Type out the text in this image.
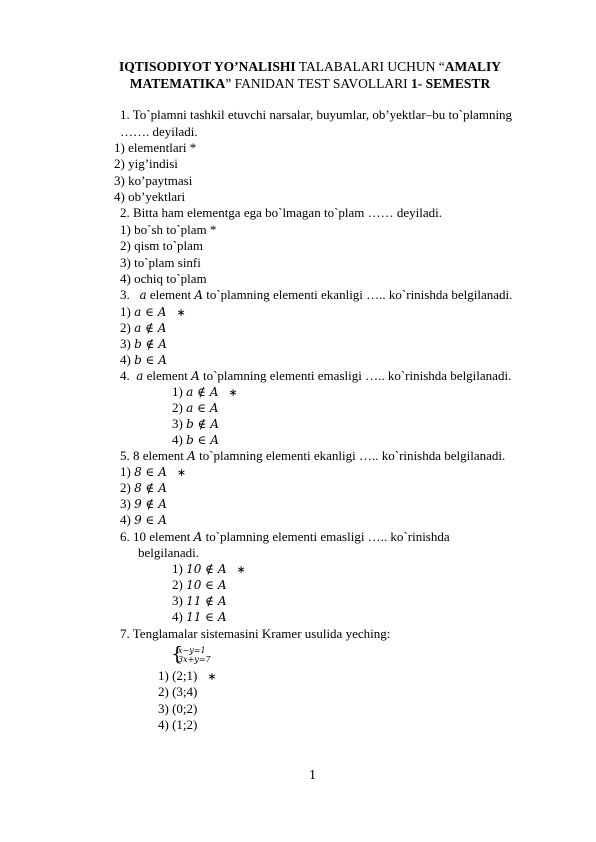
IQTISODIYOT YO’NALISHI TALABALARI UCHUN “AMALIY MATEMATIKA” FANIDAN TEST SAVOLLARI 1- SEMESTR
1. To`plamni tashkil etuvchi narsalar, buyumlar, ob’yektlar–bu to`plamning
……. deyiladi.
1) elementlari *
2) yig’indisi
3) ko’paytmasi
4) ob’yektlari
2. Bitta ham elementga ega bo`lmagan to`plam …… deyiladi.
1) bo`sh to`plam *
2) qism to`plam
3) to`plam sinfi
4) ochiq to`plam
3. a element A to`plamning elementi ekanligi ….. ko`rinishda belgilanadi.
1) a ∈ A ∗
2) a ∉ A
3) b ∉ A
4) b ∈ A
4. a element A to`plamning elementi emasligi ….. ko`rinishda belgilanadi.
1) a ∉ A ∗
2) a ∈ A
3) b ∉ A
4) b ∈ A
5. 8 element A to`plamning elementi ekanligi ….. ko`rinishda belgilanadi.
1) 8 ∈ A ∗
2) 8 ∉ A
3) 9 ∉ A
4) 9 ∈ A
6. 10 element A to`plamning elementi emasligi ….. ko`rinishda
belgilanadi.
1) 10 ∉ A ∗
2) 10 ∈ A
3) 11 ∉ A
4) 11 ∈ A
7. Tenglamalar sistemasini Kramer usulida yeching:
{
x−y=1
3x+y=7
1) (2;1) ∗
2) (3;4)
3) (0;2)
4) (1;2)
1
